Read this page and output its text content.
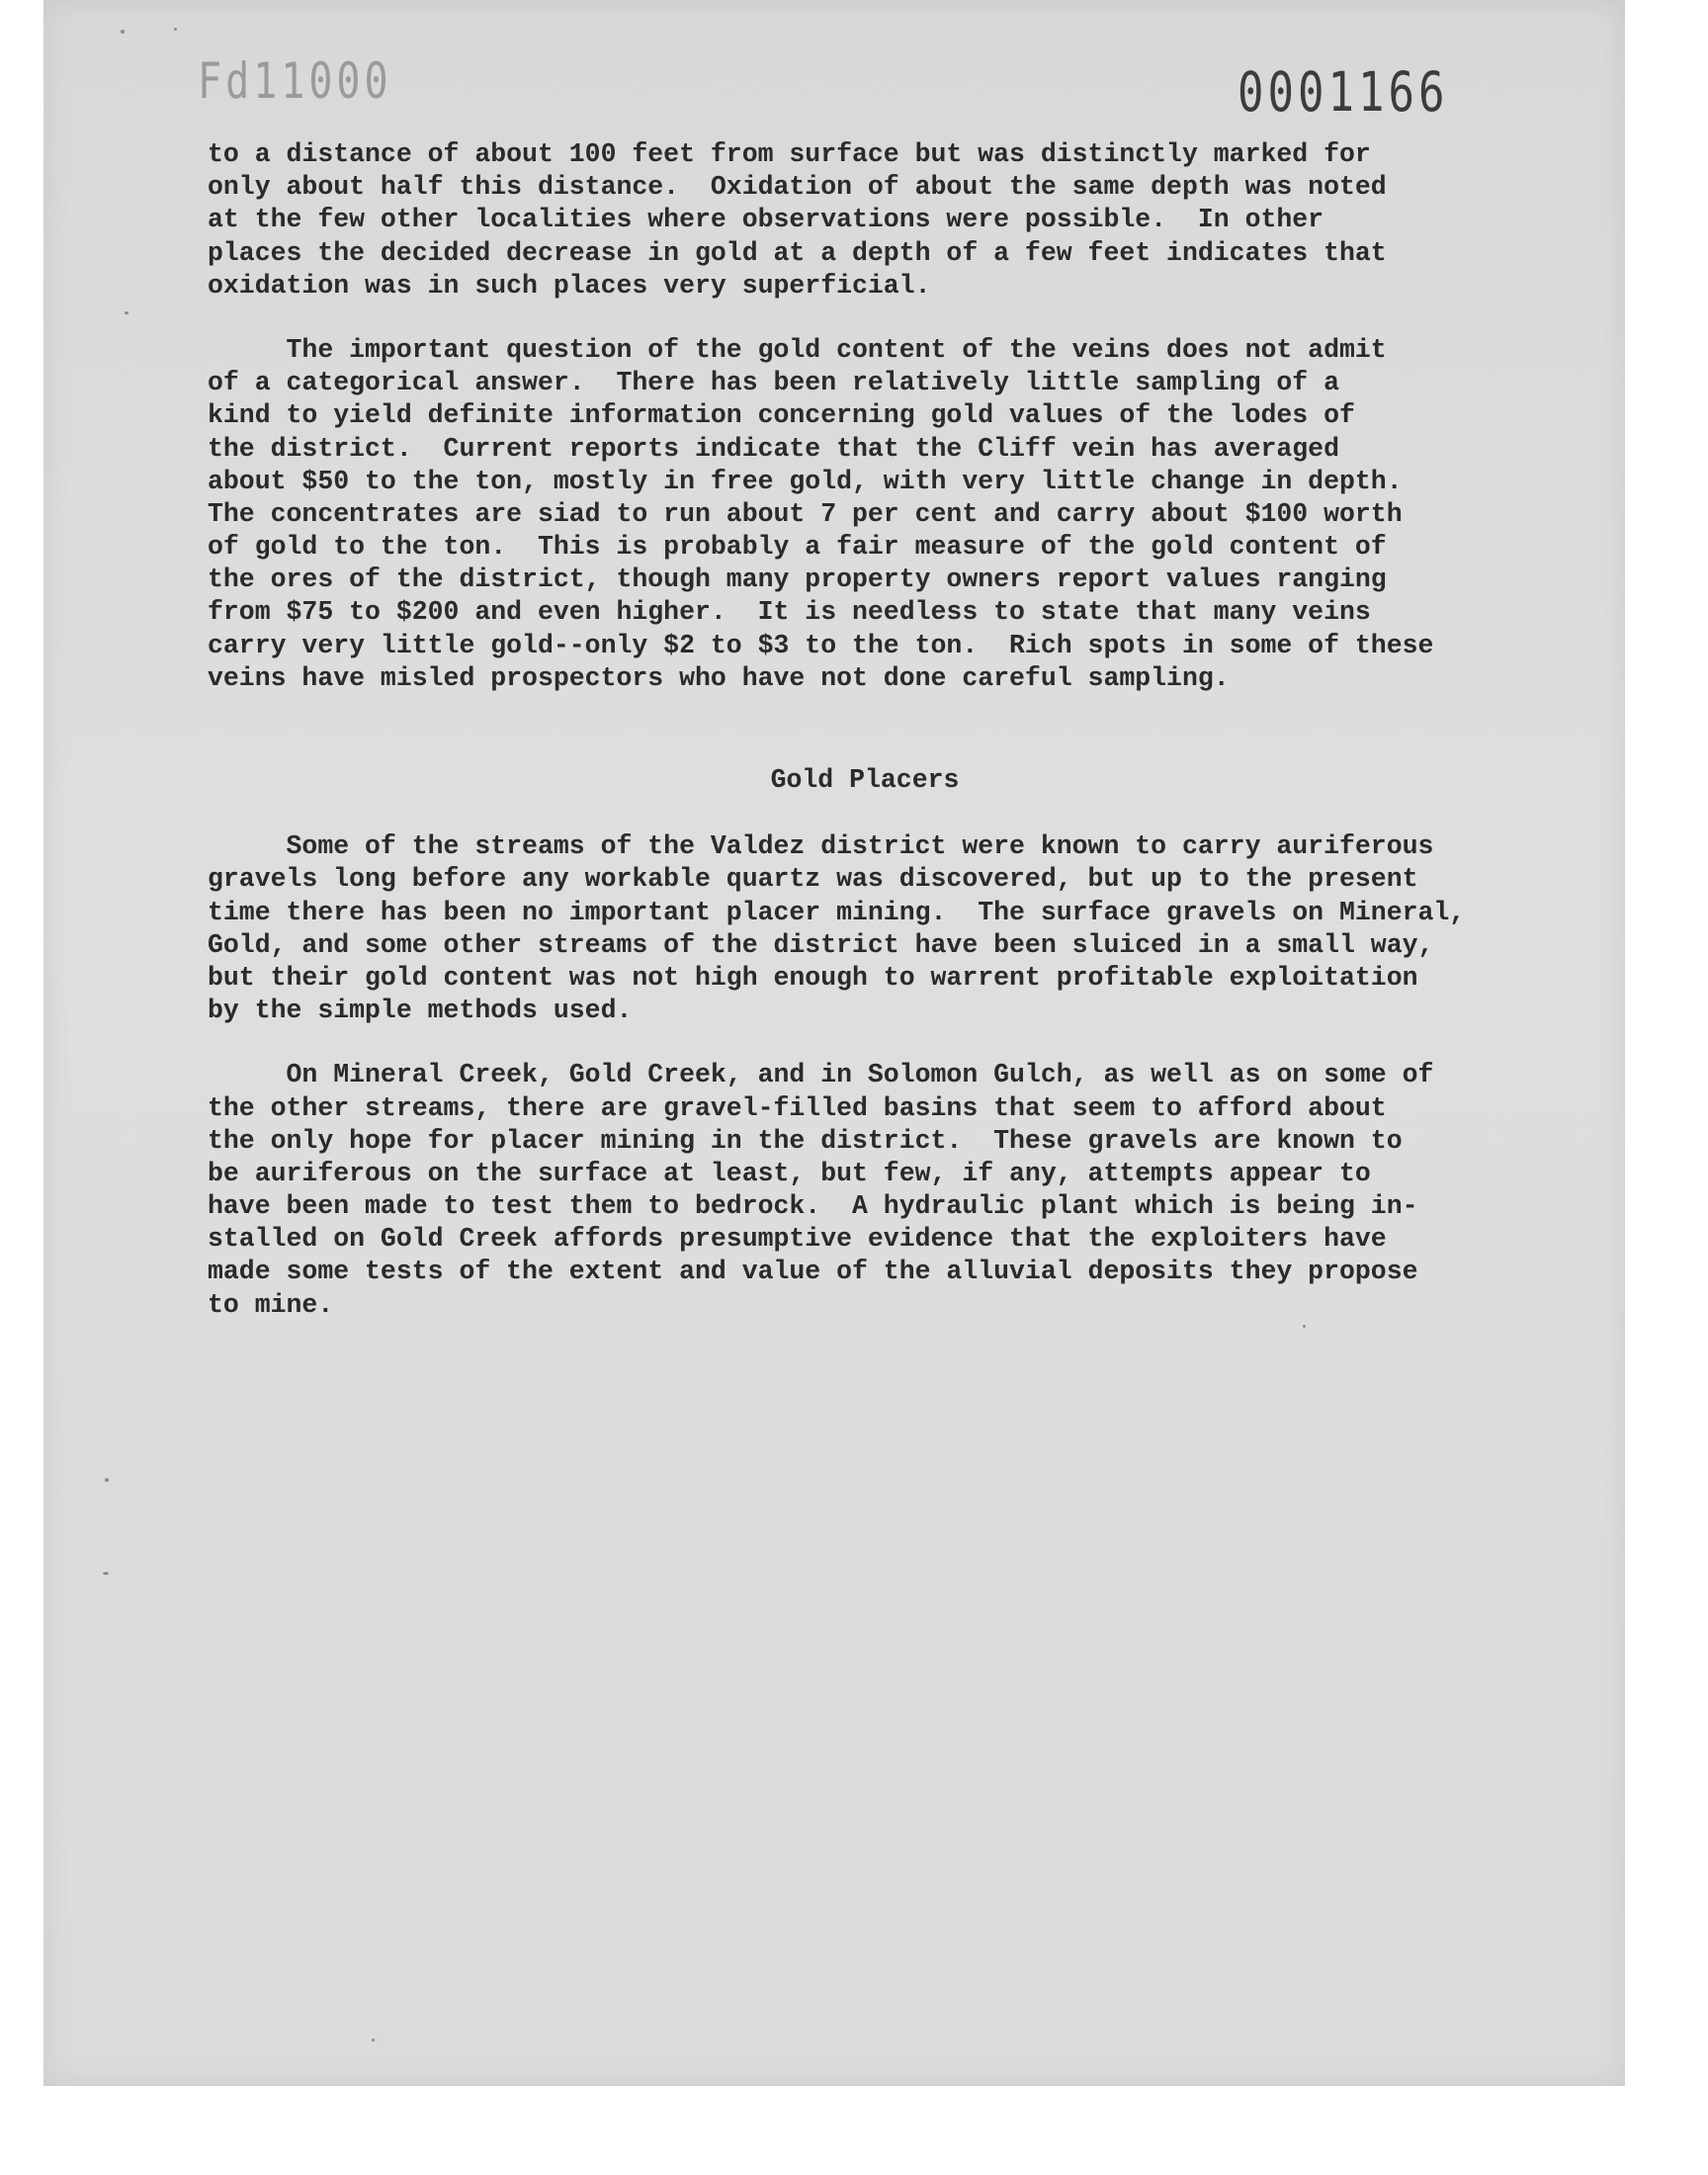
Fd11000	0001166
to a distance of about 100 feet from surface but was distinctly marked for
only about half this distance.  Oxidation of about the same depth was noted
at the few other localities where observations were possible.  In other
places the decided decrease in gold at a depth of a few feet indicates that
oxidation was in such places very superficial.
The important question of the gold content of the veins does not admit
of a categorical answer.  There has been relatively little sampling of a
kind to yield definite information concerning gold values of the lodes of
the district.  Current reports indicate that the Cliff vein has averaged
about $50 to the ton, mostly in free gold, with very little change in depth.
The concentrates are siad to run about 7 per cent and carry about $100 worth
of gold to the ton.  This is probably a fair measure of the gold content of
the ores of the district, though many property owners report values ranging
from $75 to $200 and even higher.  It is needless to state that many veins
carry very little gold--only $2 to $3 to the ton.  Rich spots in some of these
veins have misled prospectors who have not done careful sampling.
Gold Placers
Some of the streams of the Valdez district were known to carry auriferous
gravels long before any workable quartz was discovered, but up to the present
time there has been no important placer mining.  The surface gravels on Mineral,
Gold, and some other streams of the district have been sluiced in a small way,
but their gold content was not high enough to warrent profitable exploitation
by the simple methods used.
On Mineral Creek, Gold Creek, and in Solomon Gulch, as well as on some of
the other streams, there are gravel-filled basins that seem to afford about
the only hope for placer mining in the district.  These gravels are known to
be auriferous on the surface at least, but few, if any, attempts appear to
have been made to test them to bedrock.  A hydraulic plant which is being in-
stalled on Gold Creek affords presumptive evidence that the exploiters have
made some tests of the extent and value of the alluvial deposits they propose
to mine.
